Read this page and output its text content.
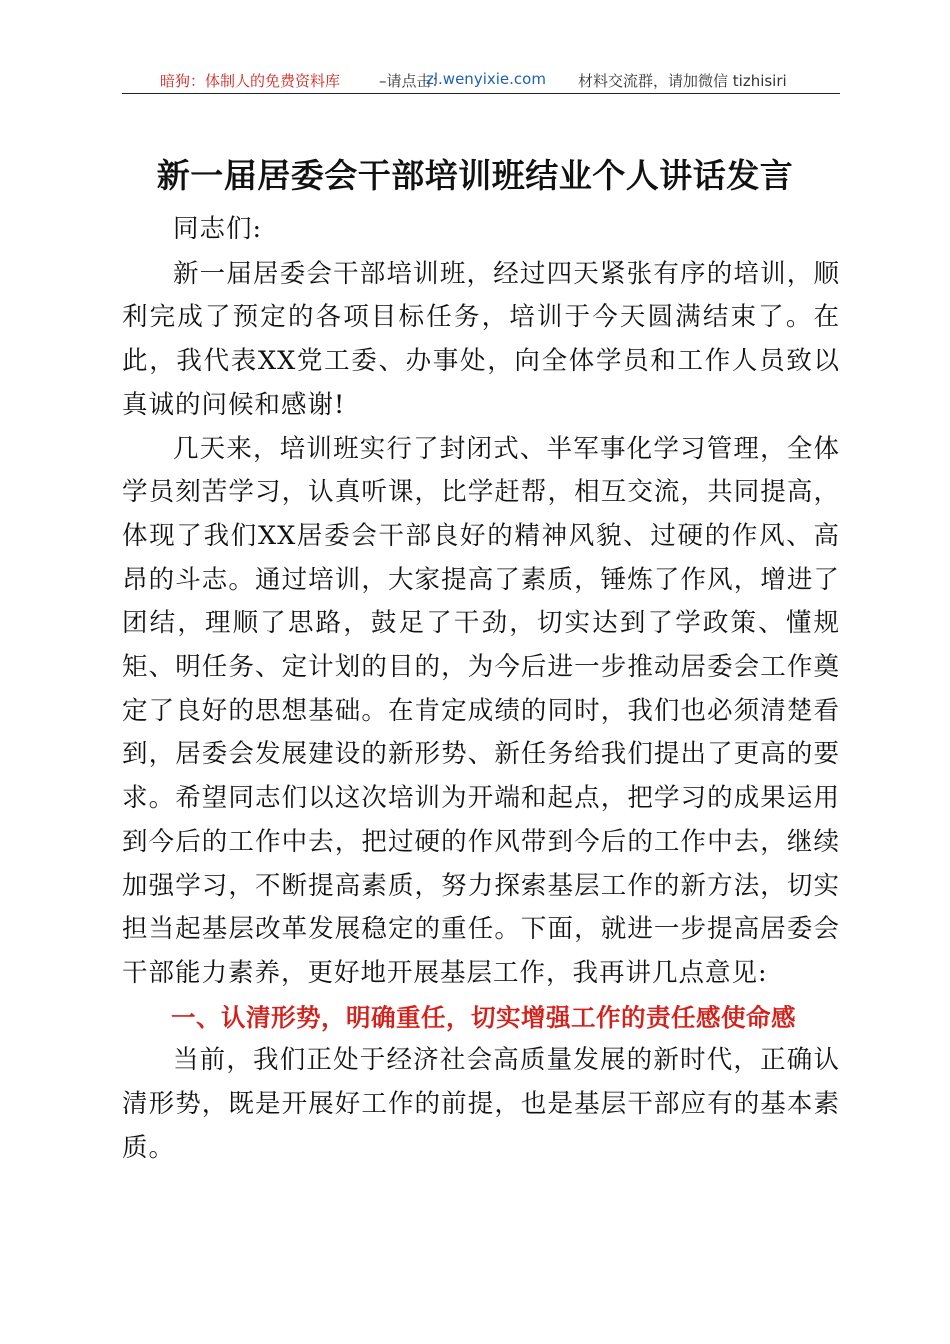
暗狗：体制人的免费资料库	–请点击：
zl.wenyixie.com 材料交流群，请加微信 tizhisiri
新一届居委会干部培训班结业个人讲话发言

同志们:

新一届居委会干部培训班，经过四天紧张有序的培训，顺利完成了预定的各项目标任务，培训于今天圆满结束了。在此，我代表XX党工委、办事处，向全体学员和工作人员致以真诚的问候和感谢!

几天来，培训班实行了封闭式、半军事化学习管理，全体学员刻苦学习，认真听课，比学赶帮，相互交流，共同提高，体现了我们XX居委会干部良好的精神风貌、过硬的作风、高昂的斗志。通过培训，大家提高了素质，锤炼了作风，增进了团结，理顺了思路，鼓足了干劲，切实达到了学政策、懂规矩、明任务、定计划的目的，为今后进一步推动居委会工作奠定了良好的思想基础。在肯定成绩的同时，我们也必须清楚看到，居委会发展建设的新形势、新任务给我们提出了更高的要求。希望同志们以这次培训为开端和起点，把学习的成果运用到今后的工作中去，把过硬的作风带到今后的工作中去，继续加强学习，不断提高素质，努力探索基层工作的新方法，切实担当起基层改革发展稳定的重任。下面，就进一步提高居委会干部能力素养，更好地开展基层工作，我再讲几点意见:

一、认清形势，明确重任，切实增强工作的责任感使命感

当前，我们正处于经济社会高质量发展的新时代，正确认清形势，既是开展好工作的前提，也是基层干部应有的基本素质。
